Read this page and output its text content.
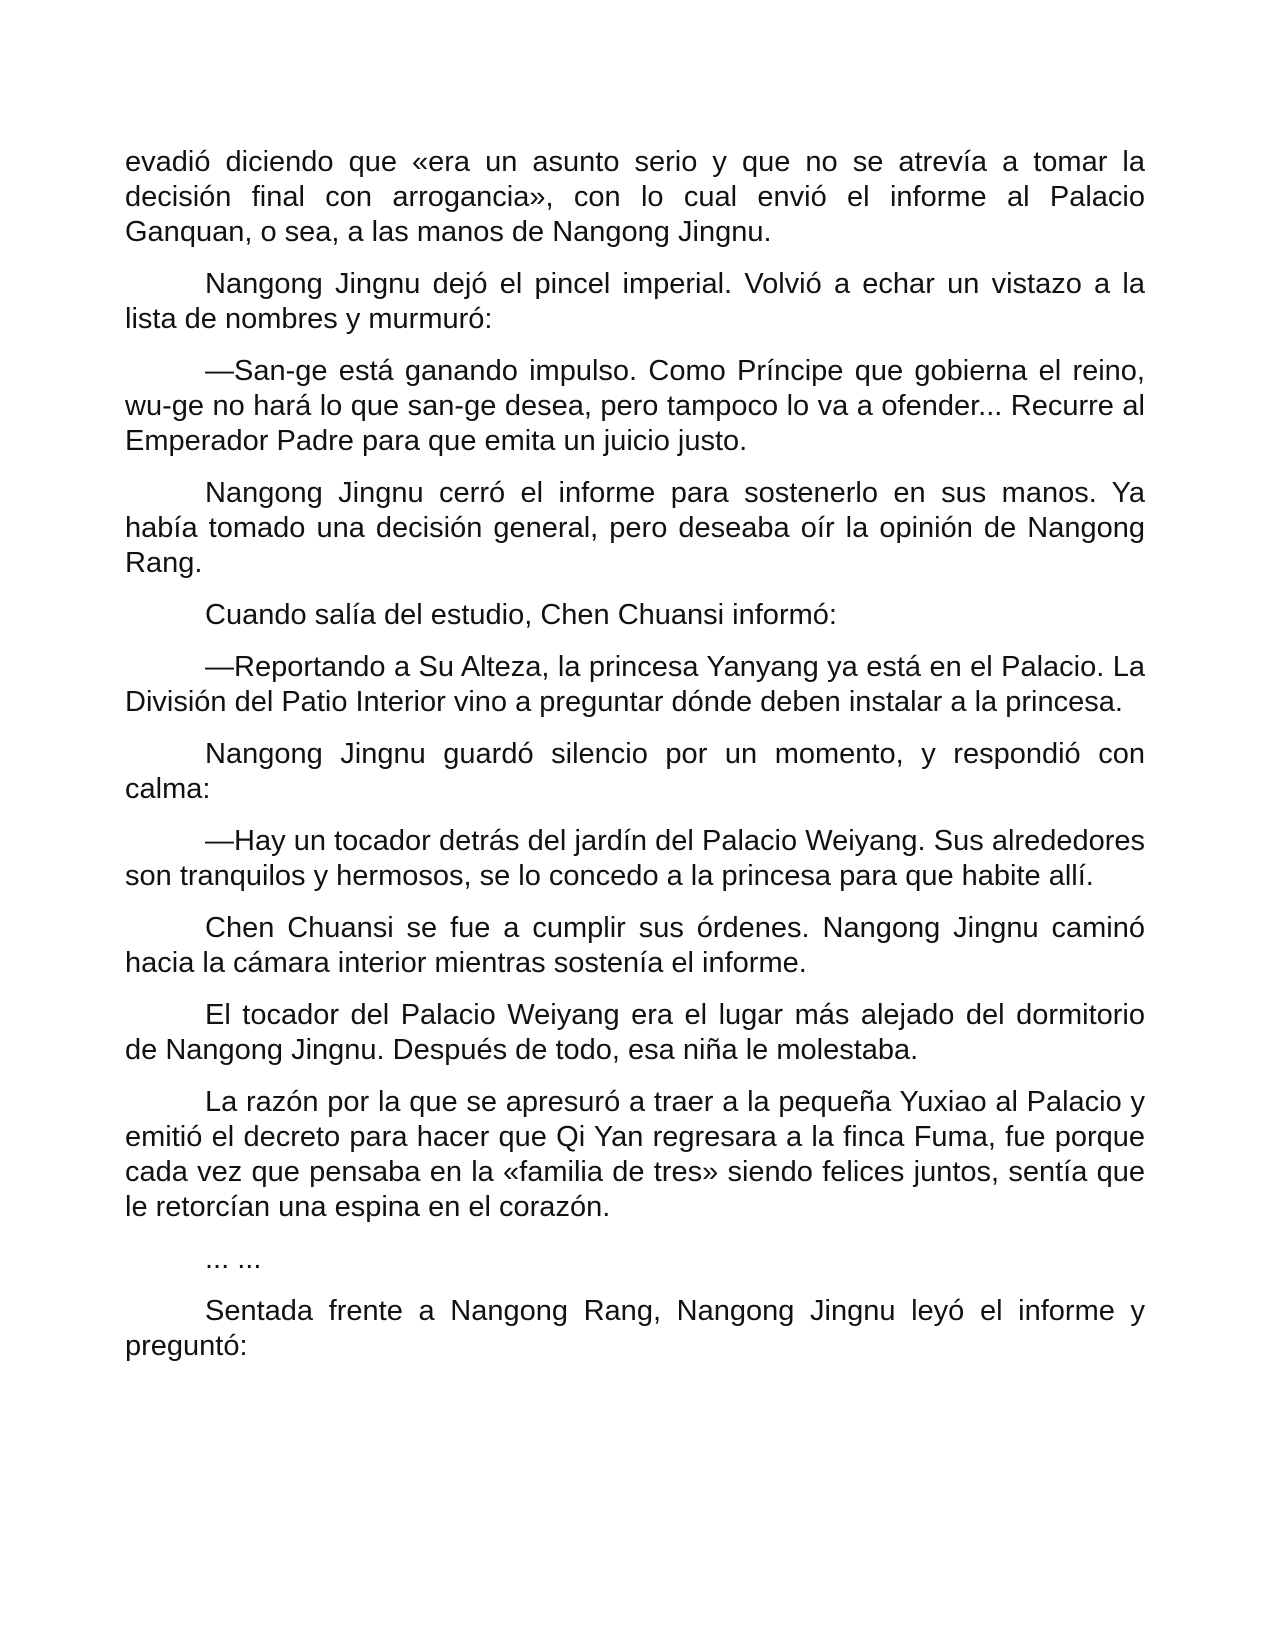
evadió diciendo que «era un asunto serio y que no se atrevía a tomar la decisión final con arrogancia», con lo cual envió el informe al Palacio Ganquan, o sea, a las manos de Nangong Jingnu.

Nangong Jingnu dejó el pincel imperial. Volvió a echar un vistazo a la lista de nombres y murmuró:

—San-ge está ganando impulso. Como Príncipe que gobierna el reino, wu-ge no hará lo que san-ge desea, pero tampoco lo va a ofender... Recurre al Emperador Padre para que emita un juicio justo.

Nangong Jingnu cerró el informe para sostenerlo en sus manos. Ya había tomado una decisión general, pero deseaba oír la opinión de Nangong Rang.

Cuando salía del estudio, Chen Chuansi informó:

—Reportando a Su Alteza, la princesa Yanyang ya está en el Palacio. La División del Patio Interior vino a preguntar dónde deben instalar a la princesa.

Nangong Jingnu guardó silencio por un momento, y respondió con calma:

—Hay un tocador detrás del jardín del Palacio Weiyang. Sus alrededores son tranquilos y hermosos, se lo concedo a la princesa para que habite allí.

Chen Chuansi se fue a cumplir sus órdenes. Nangong Jingnu caminó hacia la cámara interior mientras sostenía el informe.

El tocador del Palacio Weiyang era el lugar más alejado del dormitorio de Nangong Jingnu. Después de todo, esa niña le molestaba.

La razón por la que se apresuró a traer a la pequeña Yuxiao al Palacio y emitió el decreto para hacer que Qi Yan regresara a la finca Fuma, fue porque cada vez que pensaba en la «familia de tres» siendo felices juntos, sentía que le retorcían una espina en el corazón.

... ...

Sentada frente a Nangong Rang, Nangong Jingnu leyó el informe y preguntó:
